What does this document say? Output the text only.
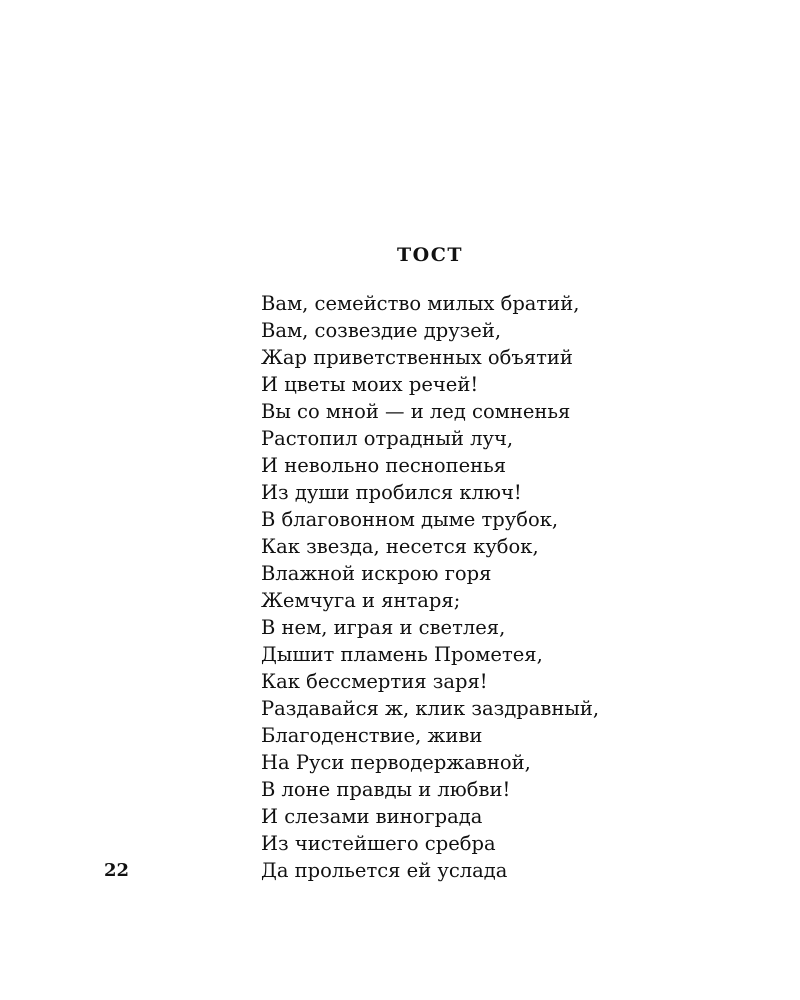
ТОСТ
Вам, семейство милых братий,
Вам, созвездие друзей,
Жар приветственных объятий
И цветы моих речей!
Вы со мной — и лед сомненья
Растопил отрадный луч,
И невольно песнопенья
Из души пробился ключ!
В благовонном дыме трубок,
Как звезда, несется кубок,
Влажной искрою горя
Жемчуга и янтаря;
В нем, играя и светлея,
Дышит пламень Прометея,
Как бессмертия заря!
Раздавайся ж, клик заздравный,
Благоденствие, живи
На Руси перводержавной,
В лоне правды и любви!
И слезами винограда
Из чистейшего сребра
Да прольется ей услада
22
